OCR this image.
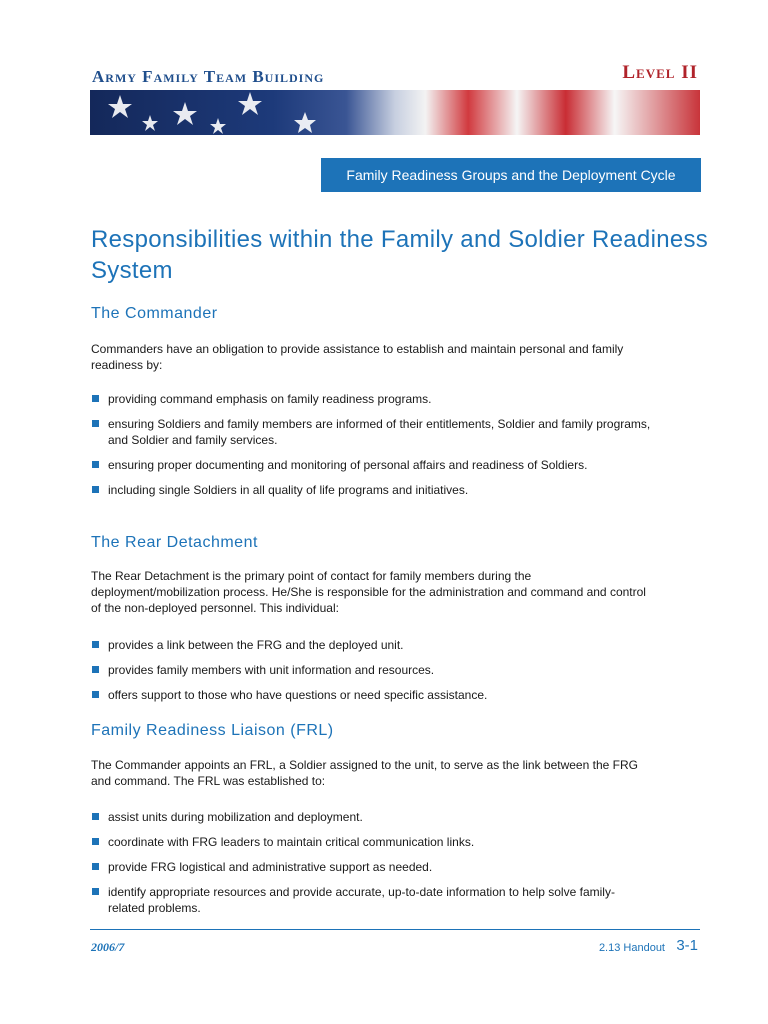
Army Family Team Building	Level II
Family Readiness Groups and the Deployment Cycle
Responsibilities within the Family and Soldier Readiness System
The Commander

Commanders have an obligation to provide assistance to establish and maintain personal and family readiness by:

providing command emphasis on family readiness programs.
ensuring Soldiers and family members are informed of their entitlements, Soldier and family programs, and Soldier and family services.
ensuring proper documenting and monitoring of personal affairs and readiness of Soldiers.
including single Soldiers in all quality of life programs and initiatives.
The Rear Detachment

The Rear Detachment is the primary point of contact for family members during the deployment/mobilization process. He/She is responsible for the administration and command and control of the non-deployed personnel. This individual:

provides a link between the FRG and the deployed unit.
provides family members with unit information and resources.
offers support to those who have questions or need specific assistance.
Family Readiness Liaison (FRL)

The Commander appoints an FRL, a Soldier assigned to the unit, to serve as the link between the FRG and command. The FRL was established to:

assist units during mobilization and deployment.
coordinate with FRG leaders to maintain critical communication links.
provide FRG logistical and administrative support as needed.
identify appropriate resources and provide accurate, up-to-date information to help solve family-related problems.
2006/7	2.13 Handout 3-1
